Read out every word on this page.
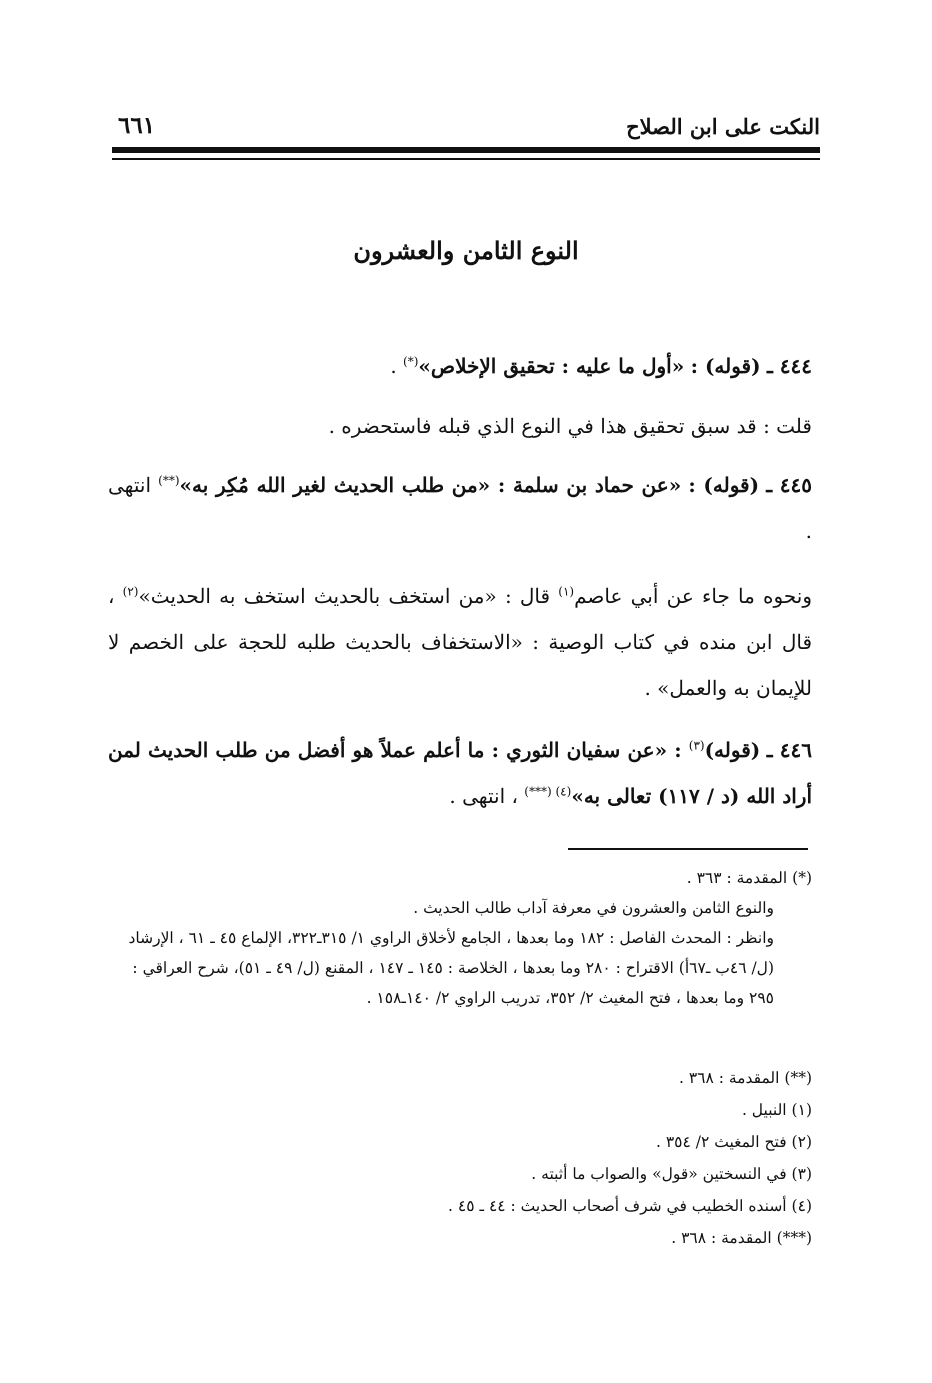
النكت على ابن الصلاح
٦٦١
النوع الثامن والعشرون
٤٤٤ ـ (قوله) : «أول ما عليه : تحقيق الإخلاص»(*) .
قلت : قد سبق تحقيق هذا في النوع الذي قبله فاستحضره .
٤٤٥ ـ (قوله) : «عن حماد بن سلمة : «من طلب الحديث لغير الله مُكِر به»(**) انتهى .
ونحوه ما جاء عن أبي عاصم$^{(١)}$ قال : «من استخف بالحديث استخف به الحديث»$^{(٢)}$ ، قال ابن منده في كتاب الوصية : «الاستخفاف بالحديث طلبه للحجة على الخصم لا للإيمان به والعمل» .
٤٤٦ ـ (قوله)$^{(٣)}$ : «عن سفيان الثوري : ما أعلم عملاً هو أفضل من طلب الحديث لمن أراد الله (د / ١١٧) تعالى به»$^{(٤)}$ (***) ، انتهى .
(*) المقدمة : ٣٦٣ .
والنوع الثامن والعشرون في معرفة آداب طالب الحديث .
وانظر : المحدث الفاصل : ١٨٢ وما بعدها ، الجامع لأخلاق الراوي ١/ ٣١٥ـ٣٢٢، الإلماع ٤٥ ـ ٦١ ، الإرشاد (ل/ ٤٦ب ـ٦٧أ) الاقتراح : ٢٨٠ وما بعدها ، الخلاصة : ١٤٥ ـ ١٤٧ ، المقنع (ل/ ٤٩ ـ ٥١)، شرح العراقي : ٢٩٥ وما بعدها ، فتح المغيث ٢/ ٣٥٢، تدريب الراوي ٢/ ١٤٠ـ١٥٨ .
(**) المقدمة : ٣٦٨ .
(١) النبيل .
(٢) فتح المغيث ٢/ ٣٥٤ .
(٣) في النسختين «قول» والصواب ما أثبته .
(٤) أسنده الخطيب في شرف أصحاب الحديث : ٤٤ ـ ٤٥ .
(***) المقدمة : ٣٦٨ .
